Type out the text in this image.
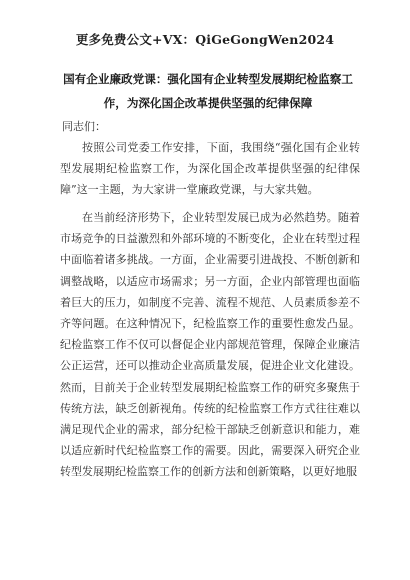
更多免费公文+VX：QiGeGongWen2024
国有企业廉政党课：强化国有企业转型发展期纪检监察工作，为深化国企改革提供坚强的纪律保障
同志们：
按照公司党委工作安排，下面，我围绕“强化国有企业转型发展期纪检监察工作，为深化国企改革提供坚强的纪律保障”这一主题，为大家讲一堂廉政党课，与大家共勉。
在当前经济形势下，企业转型发展已成为必然趋势。随着市场竞争的日益激烈和外部环境的不断变化，企业在转型过程中面临着诸多挑战。一方面，企业需要引进战投、不断创新和调整战略，以适应市场需求；另一方面，企业内部管理也面临着巨大的压力，如制度不完善、流程不规范、人员素质参差不齐等问题。在这种情况下，纪检监察工作的重要性愈发凸显。纪检监察工作不仅可以督促企业内部规范管理，保障企业廉洁公正运营，还可以推动企业高质量发展，促进企业文化建设。然而，目前关于企业转型发展期纪检监察工作的研究多聚焦于传统方法，缺乏创新视角。传统的纪检监察工作方式往往难以满足现代企业的需求，部分纪检干部缺乏创新意识和能力，难以适应新时代纪检监察工作的需要。因此，需要深入研究企业转型发展期纪检监察工作的创新方法和创新策略，以更好地服
